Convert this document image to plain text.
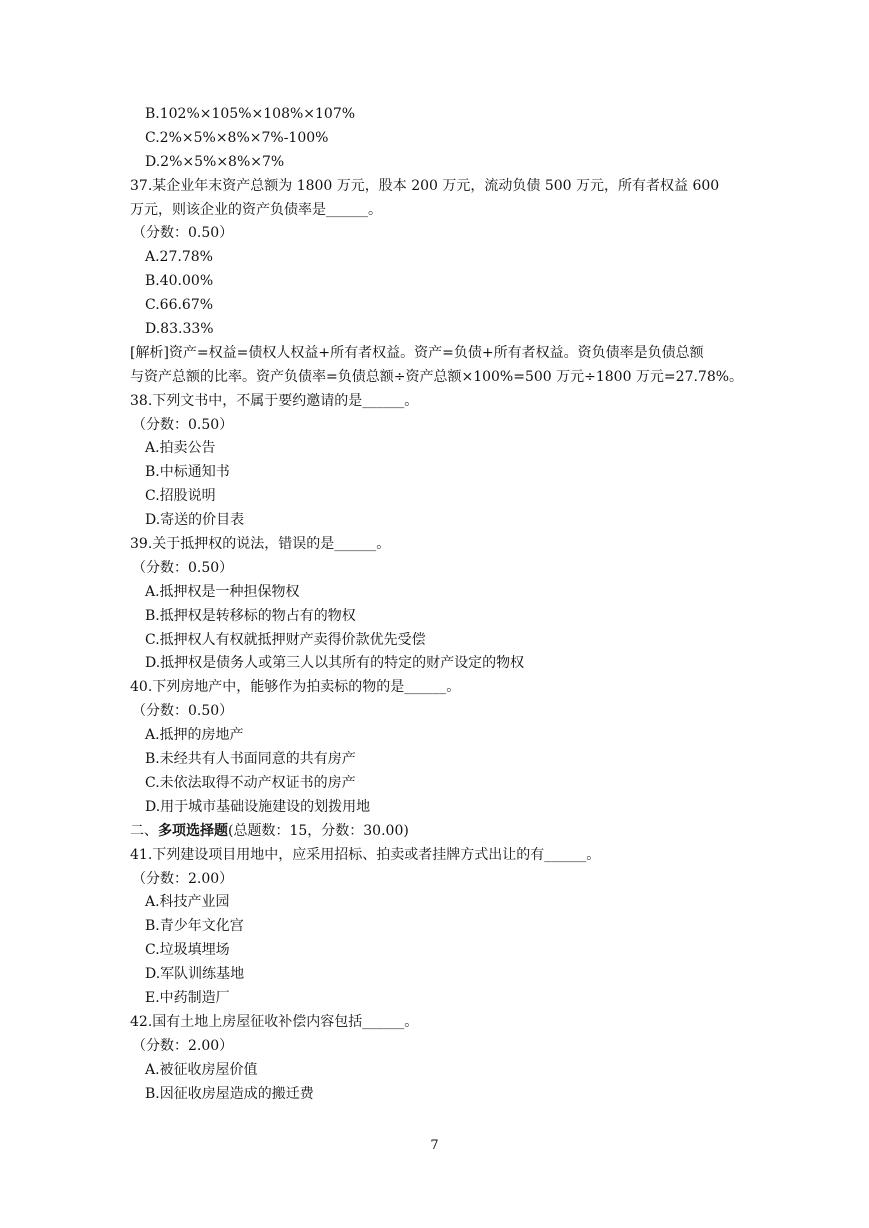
B.102%×105%×108%×107%
C.2%×5%×8%×7%-100%
D.2%×5%×8%×7%
37.某企业年末资产总额为 1800 万元，股本 200 万元，流动负债 500 万元，所有者权益 600
万元，则该企业的资产负债率是______。
（分数：0.50）
A.27.78%
B.40.00%
C.66.67%
D.83.33%
[解析]资产=权益=债权人权益+所有者权益。资产=负债+所有者权益。资负债率是负债总额
与资产总额的比率。资产负债率=负债总额÷资产总额×100%=500 万元÷1800 万元=27.78%。
38.下列文书中，不属于要约邀请的是______。
（分数：0.50）
A.拍卖公告
B.中标通知书
C.招股说明
D.寄送的价目表
39.关于抵押权的说法，错误的是______。
（分数：0.50）
A.抵押权是一种担保物权
B.抵押权是转移标的物占有的物权
C.抵押权人有权就抵押财产卖得价款优先受偿
D.抵押权是债务人或第三人以其所有的特定的财产设定的物权
40.下列房地产中，能够作为拍卖标的物的是______。
（分数：0.50）
A.抵押的房地产
B.未经共有人书面同意的共有房产
C.未依法取得不动产权证书的房产
D.用于城市基础设施建设的划拨用地
二、多项选择题(总题数：15，分数：30.00)
41.下列建设项目用地中，应采用招标、拍卖或者挂牌方式出让的有______。
（分数：2.00）
A.科技产业园
B.青少年文化宫
C.垃圾填埋场
D.军队训练基地
E.中药制造厂
42.国有土地上房屋征收补偿内容包括______。
（分数：2.00）
A.被征收房屋价值
B.因征收房屋造成的搬迁费
7
